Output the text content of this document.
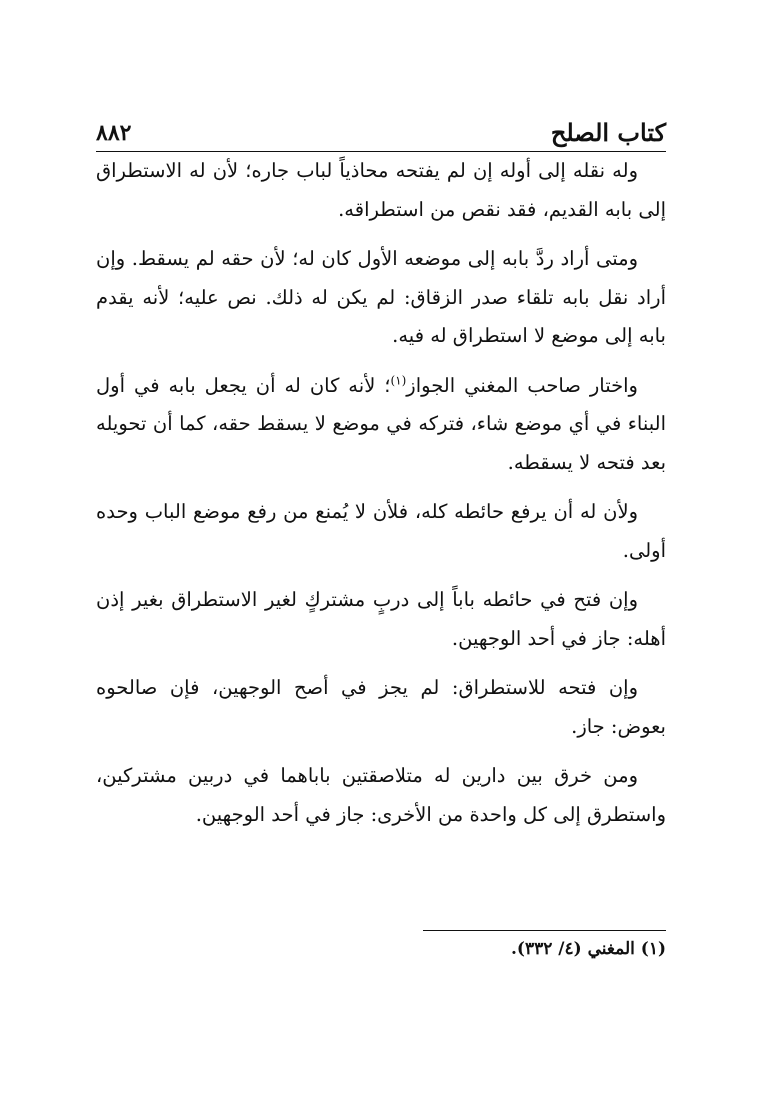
كتاب الصلح
٨٨٢

وله نقله إلى أوله إن لم يفتحه محاذياً لباب جاره؛ لأن له الاستطراق إلى بابه القديم، فقد نقص من استطراقه.

ومتى أراد ردَّ بابه إلى موضعه الأول كان له؛ لأن حقه لم يسقط. وإن أراد نقل بابه تلقاء صدر الزقاق: لم يكن له ذلك. نص عليه؛ لأنه يقدم بابه إلى موضع لا استطراق له فيه.

واختار صاحب المغني الجواز$^{(١)}$؛ لأنه كان له أن يجعل بابه في أول البناء في أي موضع شاء، فتركه في موضع لا يسقط حقه، كما أن تحويله بعد فتحه لا يسقطه.

ولأن له أن يرفع حائطه كله، فلأن لا يُمنع من رفع موضع الباب وحده أولى.

وإن فتح في حائطه باباً إلى دربٍ مشتركٍ لغير الاستطراق بغير إذن أهله: جاز في أحد الوجهين.

وإن فتحه للاستطراق: لم يجز في أصح الوجهين، فإن صالحوه بعوض: جاز.

ومن خرق بين دارين له متلاصقتين باباهما في دربين مشتركين، واستطرق إلى كل واحدة من الأخرى: جاز في أحد الوجهين.

(١) المغني (٤/ ٣٣٢).
